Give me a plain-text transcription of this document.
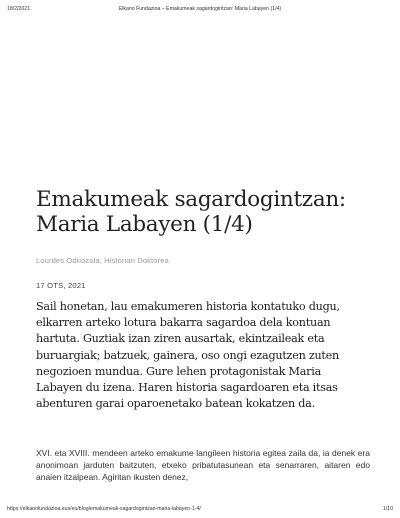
18/2/2021	Elkano Fundazioa – Emakumeak sagardogintzan: Maria Labayen (1/4)
Emakumeak sagardogintzan: Maria Labayen (1/4)
Lourdes Odriozola, Historian Doktorea
17 OTS, 2021

Sail honetan, lau emakumeren historia kontatuko dugu, elkarren arteko lotura bakarra sagardoa dela kontuan hartuta. Guztiak izan ziren ausartak, ekintzaileak eta buruargiak; batzuek, gainera, oso ongi ezagutzen zuten negozioen mundua. Gure lehen protagonistak Maria Labayen du izena. Haren historia sagardoaren eta itsas abenturen garai oparoenetako batean kokatzen da.

XVI. eta XVIII. mendeen arteko emakume langileen historia egitea zaila da, ia denek era anonimoan jarduten baitzuten, etxeko pribatutasunean eta senarraren, aitaren edo anaien itzalpean. Agiritan ikusten denez,

https://elkanofundazioa.eus/eu/blog/emakumeak-sagardogintzan-maria-labayen-1-4/	1/10
